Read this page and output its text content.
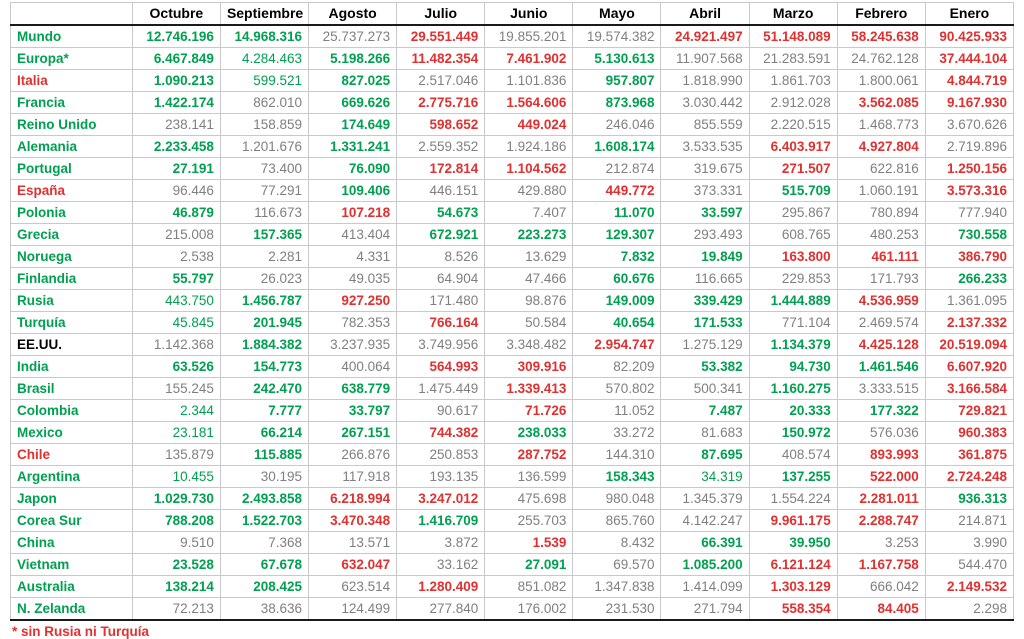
	Octubre	Septiembre	Agosto	Julio	Junio	Mayo	Abril	Marzo	Febrero	Enero
Mundo	12.746.196	14.968.316	25.737.273	29.551.449	19.855.201	19.574.382	24.921.497	51.148.089	58.245.638	90.425.933
Europa*	6.467.849	4.284.463	5.198.266	11.482.354	7.461.902	5.130.613	11.907.568	21.283.591	24.762.128	37.444.104
Italia	1.090.213	599.521	827.025	2.517.046	1.101.836	957.807	1.818.990	1.861.703	1.800.061	4.844.719
Francia	1.422.174	862.010	669.626	2.775.716	1.564.606	873.968	3.030.442	2.912.028	3.562.085	9.167.930
Reino Unido	238.141	158.859	174.649	598.652	449.024	246.046	855.559	2.220.515	1.468.773	3.670.626
Alemania	2.233.458	1.201.676	1.331.241	2.559.352	1.924.186	1.608.174	3.533.535	6.403.917	4.927.804	2.719.896
Portugal	27.191	73.400	76.090	172.814	1.104.562	212.874	319.675	271.507	622.816	1.250.156
España	96.446	77.291	109.406	446.151	429.880	449.772	373.331	515.709	1.060.191	3.573.316
Polonia	46.879	116.673	107.218	54.673	7.407	11.070	33.597	295.867	780.894	777.940
Grecia	215.008	157.365	413.404	672.921	223.273	129.307	293.493	608.765	480.253	730.558
Noruega	2.538	2.281	4.331	8.526	13.629	7.832	19.849	163.800	461.111	386.790
Finlandia	55.797	26.023	49.035	64.904	47.466	60.676	116.665	229.853	171.793	266.233
Rusia	443.750	1.456.787	927.250	171.480	98.876	149.009	339.429	1.444.889	4.536.959	1.361.095
Turquía	45.845	201.945	782.353	766.164	50.584	40.654	171.533	771.104	2.469.574	2.137.332
EE.UU.	1.142.368	1.884.382	3.237.935	3.749.956	3.348.482	2.954.747	1.275.129	1.134.379	4.425.128	20.519.094
India	63.526	154.773	400.064	564.993	309.916	82.209	53.382	94.730	1.461.546	6.607.920
Brasil	155.245	242.470	638.779	1.475.449	1.339.413	570.802	500.341	1.160.275	3.333.515	3.166.584
Colombia	2.344	7.777	33.797	90.617	71.726	11.052	7.487	20.333	177.322	729.821
Mexico	23.181	66.214	267.151	744.382	238.033	33.272	81.683	150.972	576.036	960.383
Chile	135.879	115.885	266.876	250.853	287.752	144.310	87.695	408.574	893.993	361.875
Argentina	10.455	30.195	117.918	193.135	136.599	158.343	34.319	137.255	522.000	2.724.248
Japon	1.029.730	2.493.858	6.218.994	3.247.012	475.698	980.048	1.345.379	1.554.224	2.281.011	936.313
Corea Sur	788.208	1.522.703	3.470.348	1.416.709	255.703	865.760	4.142.247	9.961.175	2.288.747	214.871
China	9.510	7.368	13.571	3.872	1.539	8.432	66.391	39.950	3.253	3.990
Vietnam	23.528	67.678	632.047	33.162	27.091	69.570	1.085.200	6.121.124	1.167.758	544.470
Australia	138.214	208.425	623.514	1.280.409	851.082	1.347.838	1.414.099	1.303.129	666.042	2.149.532
N. Zelanda	72.213	38.636	124.499	277.840	176.002	231.530	271.794	558.354	84.405	2.298
* sin Rusia ni Turquía
